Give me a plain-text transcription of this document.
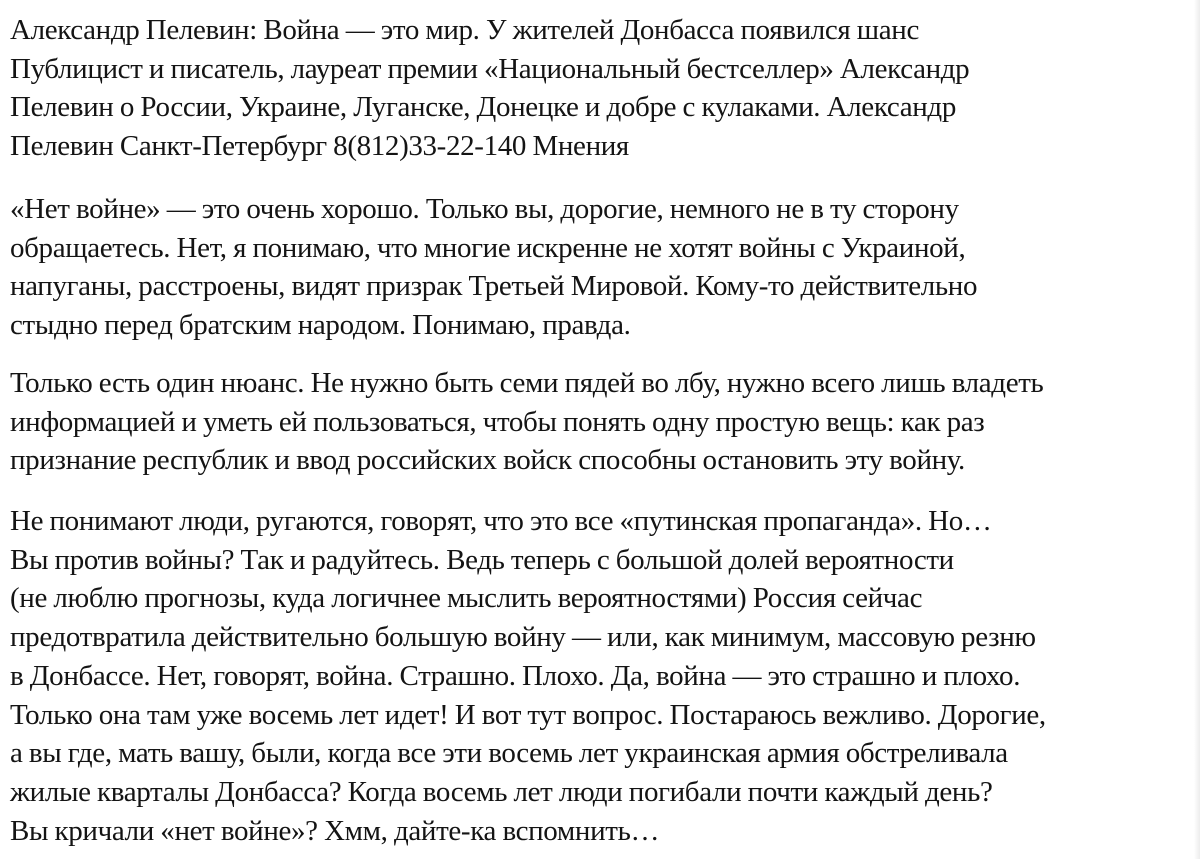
Александр Пелевин: Война — это мир. У жителей Донбасса появился шанс
Публицист и писатель, лауреат премии «Национальный бестселлер» Александр
Пелевин о России, Украине, Луганске, Донецке и добре с кулаками. Александр
Пелевин Санкт-Петербург 8(812)33-22-140 Мнения

«Нет войне» — это очень хорошо. Только вы, дорогие, немного не в ту сторону
обращаетесь. Нет, я понимаю, что многие искренне не хотят войны с Украиной,
напуганы, расстроены, видят призрак Третьей Мировой. Кому-то действительно
стыдно перед братским народом. Понимаю, правда.

Только есть один нюанс. Не нужно быть семи пядей во лбу, нужно всего лишь владеть
информацией и уметь ей пользоваться, чтобы понять одну простую вещь: как раз
признание республик и ввод российских войск способны остановить эту войну.

Не понимают люди, ругаются, говорят, что это все «путинская пропаганда». Но…
Вы против войны? Так и радуйтесь. Ведь теперь с большой долей вероятности
(не люблю прогнозы, куда логичнее мыслить вероятностями) Россия сейчас
предотвратила действительно большую войну — или, как минимум, массовую резню
в Донбассе. Нет, говорят, война. Страшно. Плохо. Да, война — это страшно и плохо.
Только она там уже восемь лет идет! И вот тут вопрос. Постараюсь вежливо. Дорогие,
а вы где, мать вашу, были, когда все эти восемь лет украинская армия обстреливала
жилые кварталы Донбасса? Когда восемь лет люди погибали почти каждый день?
Вы кричали «нет войне»? Хмм, дайте-ка вспомнить…
